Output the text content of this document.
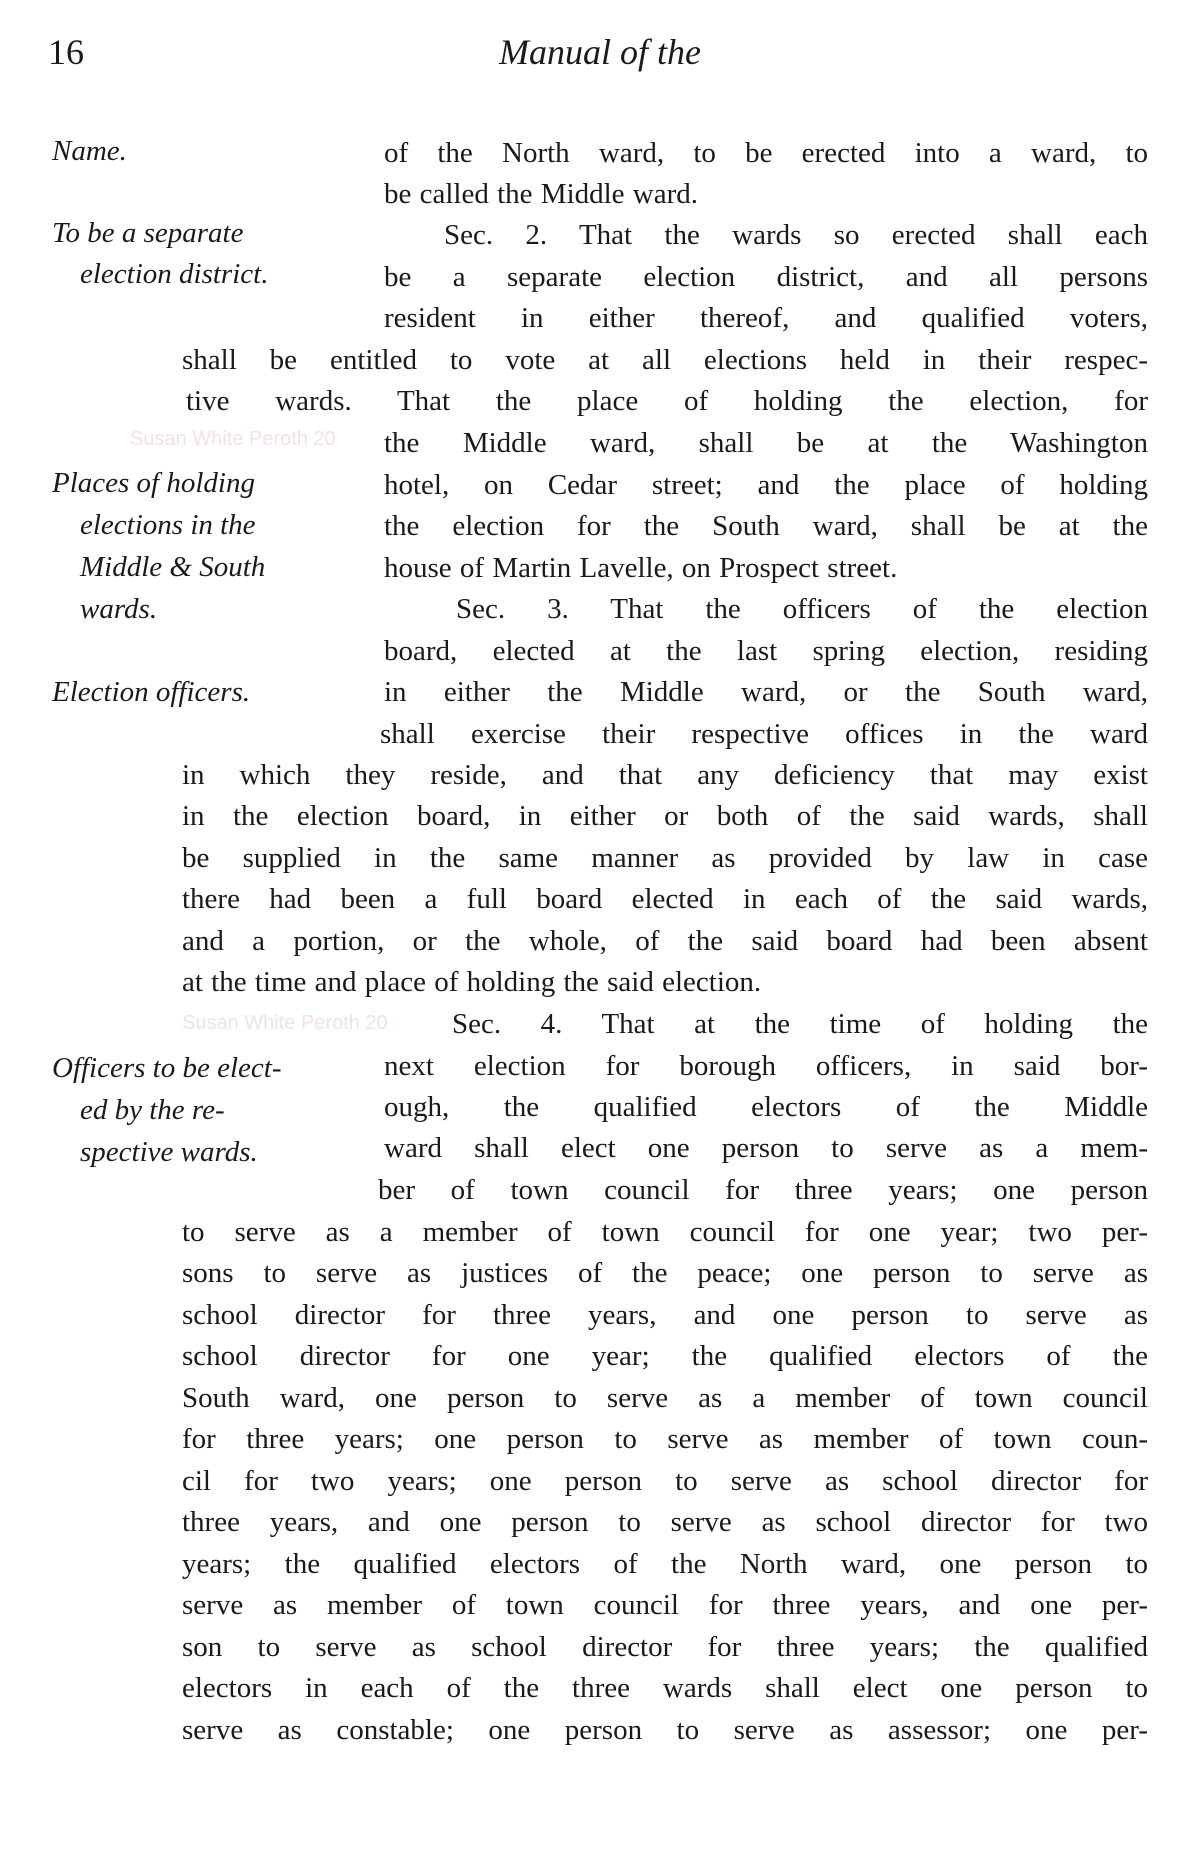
16	Manual of the
Susan White Peroth 20
Susan White Peroth 20
Name.
To be a separate
election district.
Places of holding
elections in the
Middle & South
wards.
Election officers.
Officers to be elect-
ed by the re-
spective wards.
of the North ward, to be erected into a ward, to
be called the Middle ward.
Sec. 2. That the wards so erected shall each
be a separate election district, and all persons
resident in either thereof, and qualified voters,
shall be entitled to vote at all elections held in their respec-
tive wards. That the place of holding the election, for
the Middle ward, shall be at the Washington
hotel, on Cedar street; and the place of holding
the election for the South ward, shall be at the
house of Martin Lavelle, on Prospect street.
Sec. 3. That the officers of the election
board, elected at the last spring election, residing
in either the Middle ward, or the South ward,
shall exercise their respective offices in the ward
in which they reside, and that any deficiency that may exist
in the election board, in either or both of the said wards, shall
be supplied in the same manner as provided by law in case
there had been a full board elected in each of the said wards,
and a portion, or the whole, of the said board had been absent
at the time and place of holding the said election.
Sec. 4. That at the time of holding the
next election for borough officers, in said bor-
ough, the qualified electors of the Middle
ward shall elect one person to serve as a mem-
ber of town council for three years; one person
to serve as a member of town council for one year; two per-
sons to serve as justices of the peace; one person to serve as
school director for three years, and one person to serve as
school director for one year; the qualified electors of the
South ward, one person to serve as a member of town council
for three years; one person to serve as member of town coun-
cil for two years; one person to serve as school director for
three years, and one person to serve as school director for two
years; the qualified electors of the North ward, one person to
serve as member of town council for three years, and one per-
son to serve as school director for three years; the qualified
electors in each of the three wards shall elect one person to
serve as constable; one person to serve as assessor; one per-
